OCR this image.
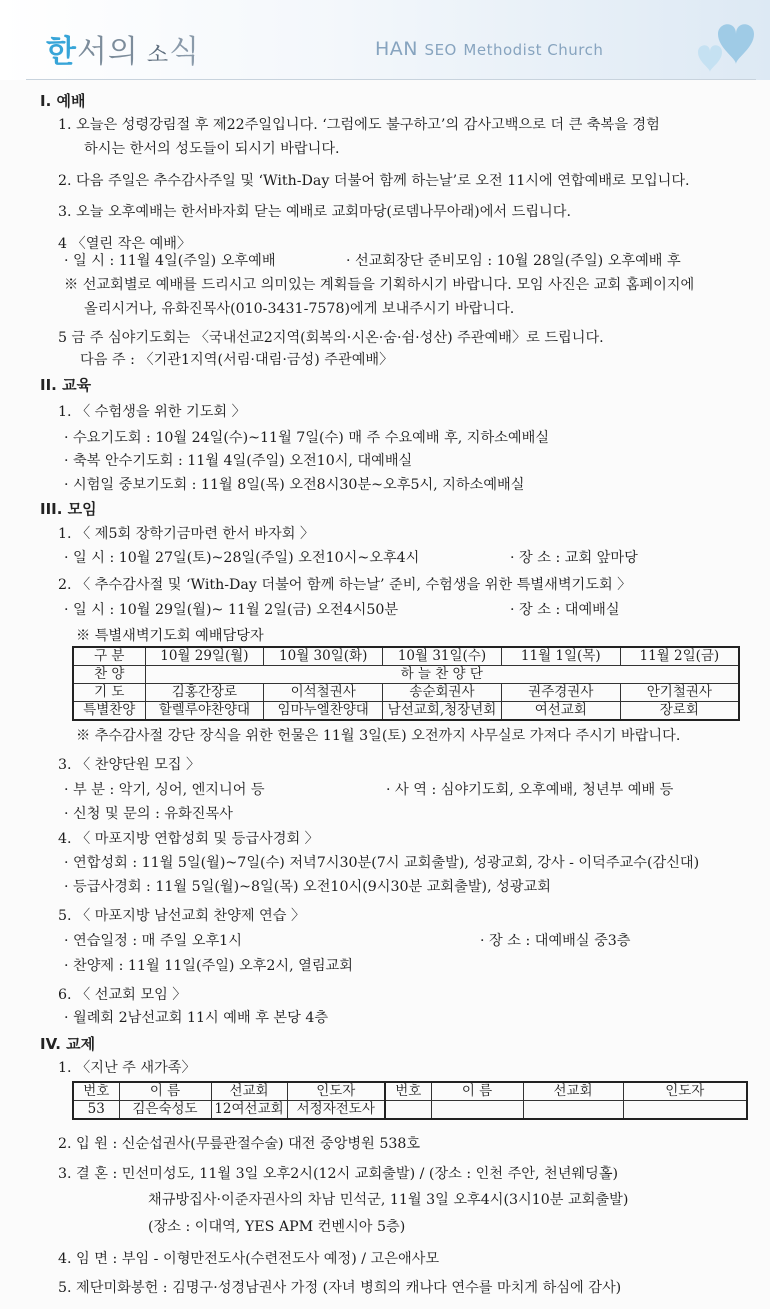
한서의 소식	HAN SEO Methodist Church
I. 예배
1. 오늘은 성령강림절 후 제22주일입니다. ‘그럼에도 불구하고’의 감사고백으로 더 큰 축복을 경험
하시는 한서의 성도들이 되시기 바랍니다.
2. 다음 주일은 추수감사주일 및 ‘With-Day 더불어 함께 하는날’로 오전 11시에 연합예배로 모입니다.
3. 오늘 오후예배는 한서바자회 닫는 예배로 교회마당(로뎀나무아래)에서 드립니다.
4 〈열린 작은 예배〉
· 일 시 : 11월 4일(주일) 오후예배	· 선교회장단 준비모임 : 10월 28일(주일) 오후예배 후
※ 선교회별로 예배를 드리시고 의미있는 계획들을 기획하시기 바랍니다. 모임 사진은 교회 홈페이지에
올리시거나, 유화진목사(010-3431-7578)에게 보내주시기 바랍니다.
5 금 주 심야기도회는 〈국내선교2지역(회복의·시온·숨·쉼·성산) 주관예배〉로 드립니다.
다음 주 : 〈기관1지역(서림·대림·금성) 주관예배〉
II. 교육
1. 〈 수험생을 위한 기도회 〉
· 수요기도회 : 10월 24일(수)~11월 7일(수) 매 주 수요예배 후, 지하소예배실
· 축복 안수기도회 : 11월 4일(주일) 오전10시, 대예배실
· 시험일 중보기도회 : 11월 8일(목) 오전8시30분~오후5시, 지하소예배실
III. 모임
1. 〈 제5회 장학기금마련 한서 바자회 〉
· 일 시 : 10월 27일(토)~28일(주일) 오전10시~오후4시	· 장 소 : 교회 앞마당
2. 〈 추수감사절 및 ‘With-Day 더불어 함께 하는날’ 준비, 수험생을 위한 특별새벽기도회 〉
· 일 시 : 10월 29일(월)~ 11월 2일(금) 오전4시50분	· 장 소 : 대예배실
※ 특별새벽기도회 예배담당자
구 분	10월 29일(월)	10월 30일(화)	10월 31일(수)	11월 1일(목)	11월 2일(금)
찬 양	하 늘 찬 양 단				
기 도	김홍간장로	이석철권사	송순회권사	권주경권사	안기철권사
특별찬양	할렐루야찬양대	임마누엘찬양대	남선교회,청장년회	여선교회	장로회
※ 추수감사절 강단 장식을 위한 헌물은 11월 3일(토) 오전까지 사무실로 가져다 주시기 바랍니다.
3. 〈 찬양단원 모집 〉
· 부 분 : 악기, 싱어, 엔지니어 등	· 사 역 : 심야기도회, 오후예배, 청년부 예배 등
· 신청 및 문의 : 유화진목사
4. 〈 마포지방 연합성회 및 등급사경회 〉
· 연합성회 : 11월 5일(월)~7일(수) 저녁7시30분(7시 교회출발), 성광교회, 강사 - 이덕주교수(감신대)
· 등급사경회 : 11월 5일(월)~8일(목) 오전10시(9시30분 교회출발), 성광교회
5. 〈 마포지방 남선교회 찬양제 연습 〉
· 연습일정 : 매 주일 오후1시	· 장 소 : 대예배실 중3층
· 찬양제 : 11월 11일(주일) 오후2시, 열림교회
6. 〈 선교회 모임 〉
· 월례회 2남선교회 11시 예배 후 본당 4층
IV. 교제
1. 〈지난 주 새가족〉
번호	이 름	선교회	인도자	번호	이 름	선교회	인도자
53	김은숙성도	12여선교회	서정자전도사				
2. 입 원 : 신순섭권사(무릎관절수술) 대전 중앙병원 538호
3. 결 혼 : 민선미성도, 11월 3일 오후2시(12시 교회출발) / (장소 : 인천 주안, 천년웨딩홀)
채규방집사·이준자권사의 차남 민석군, 11월 3일 오후4시(3시10분 교회출발)
(장소 : 이대역, YES APM 컨벤시아 5층)
4. 임 면 : 부임 - 이형만전도사(수련전도사 예정) / 고은애사모
5. 제단미화봉헌 : 김명구·성경남권사 가정 (자녀 병희의 캐나다 연수를 마치게 하심에 감사)
